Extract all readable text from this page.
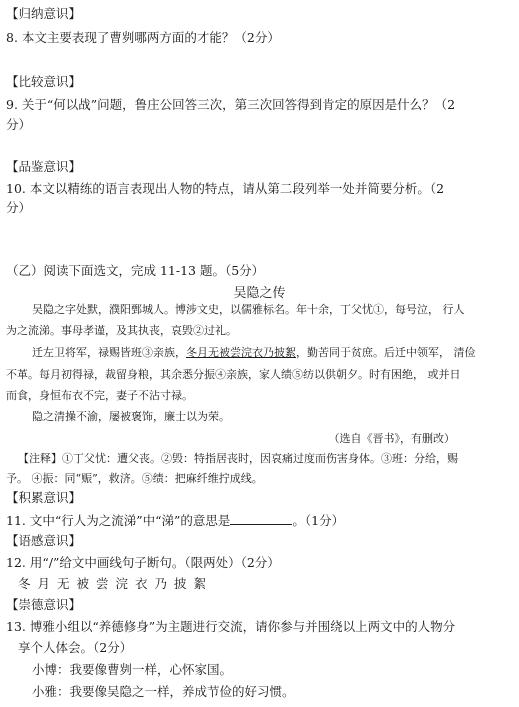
【归纳意识】
8. 本文主要表现了曹刿哪两方面的才能？（2分）
【比较意识】
9. 关于“何以战”问题，鲁庄公回答三次，第三次回答得到肯定的原因是什么？（2
分）
【品鉴意识】
10. 本文以精练的语言表现出人物的特点，请从第二段列举一处并简要分析。（2
分）
（乙）阅读下面选文，完成 11-13 题。（5分）
吴隐之传
吴隐之字处默，濮阳鄄城人。博涉文史，以儒雅标名。年十余，丁父忧①，每号泣， 行人
为之流涕。事母孝谨，及其执丧，哀毁②过礼。
迁左卫将军，禄赐皆班③亲族，冬月无被尝浣衣乃披絮，勤苦同于贫庶。后迁中领军， 清俭
不革。每月初得禄，裁留身粮，其余悉分振④亲族，家人绩⑤纺以供朝夕。时有困绝， 或并日
而食，身恒布衣不完，妻子不沾寸禄。
隐之清操不渝，屡被褒饰，廉士以为荣。
（选自《晋书》，有删改）
【注释】①丁父忧：遭父丧。②毁：特指居丧时，因哀痛过度而伤害身体。③班：分给，赐
予。 ④振：同“赈”，救济。⑤绩：把麻纤维拧成线。
【积累意识】
11. 文中“行人为之流涕”中“涕”的意思是	。（1分）
【语感意识】
12. 用“/”给文中画线句子断句。（限两处）（2分）
冬月无被尝浣衣乃披絮
【崇德意识】
13. 博雅小组以“养德修身”为主题进行交流，请你参与并围绕以上两文中的人物分
享个人体会。（2分）
小博：我要像曹刿一样，心怀家国。
小雅：我要像吴隐之一样，养成节俭的好习惯。
